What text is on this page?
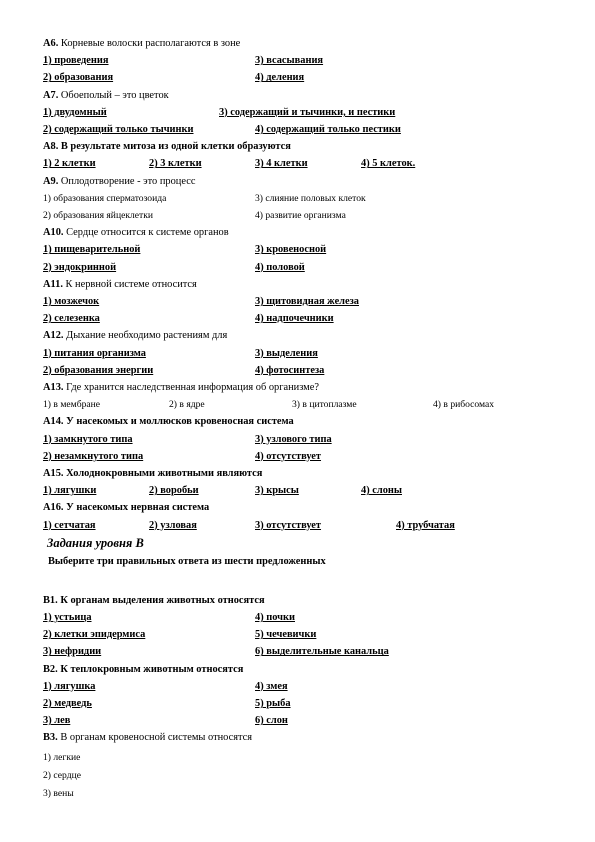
A6. Корневые волоски располагаются в зоне
1) проведения	3) всасывания
2) образования	4) деления
A7. Обоеполый – это цветок
1) двудомный	3) содержащий и тычинки, и пестики
2) содержащий только тычинки	4) содержащий только пестики
A8. В результате митоза из одной клетки образуются
1) 2 клетки	2) 3 клетки	3) 4 клетки	4) 5 клеток.
A9. Оплодотворение - это процесс
1) образования сперматозоида	3) слияние половых клеток
2) образования яйцеклетки	4) развитие организма
A10. Сердце относится к системе органов
1) пищеварительной	3) кровеносной
2) эндокринной	4) половой
A11. К нервной системе относится
1) мозжечок	3) щитовидная железа
2) селезенка	4) надпочечники
A12. Дыхание необходимо растениям для
1) питания организма	3) выделения
2) образования энергии	4) фотосинтеза
A13. Где хранится наследственная информация об организме?
1) в мембране	2) в ядре	3) в цитоплазме	4) в рибосомах
A14. У насекомых и моллюсков кровеносная система
1) замкнутого типа	3) узлового типа
2) незамкнутого типа	4) отсутствует
A15. Холоднокровными животными являются
1) лягушки	2) воробьи	3) крысы	4) слоны
A16. У насекомых нервная система
1) сетчатая	2) узловая	3) отсутствует	4) трубчатая
Задания уровня В
Выберите три правильных ответа из шести предложенных
B1. К органам выделения животных относятся
1) устьица	4) почки
2) клетки эпидермиса	5) чечевички
3) нефридии	6) выделительные канальца
B2. К теплокровным животным относятся
1) лягушка	4) змея
2) медведь	5) рыба
3) лев	6) слон
B3. В органам кровеносной системы относятся
1) легкие
2) сердце
3) вены
